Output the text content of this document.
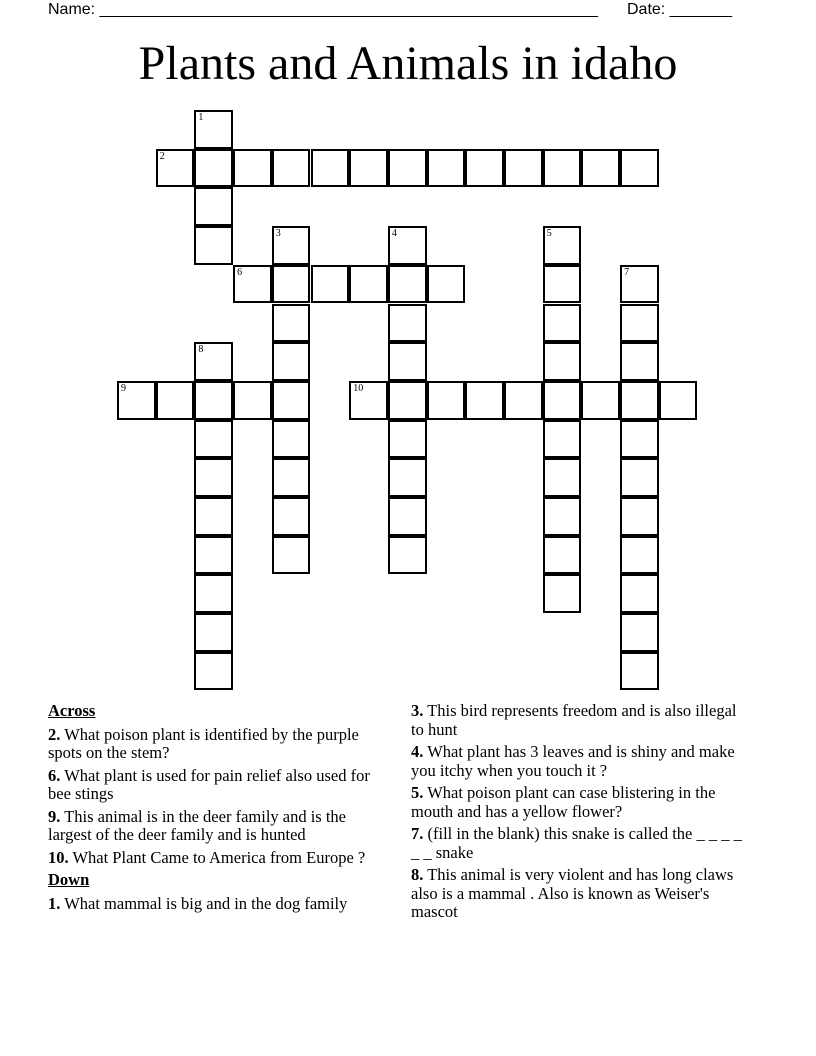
Name: ________________________________________________________ Date: _______
Plants and Animals in idaho
1
2
3	4	5
6	7
8
9	10
Across
2. What poison plant is identified by the purple spots on the stem?
6. What plant is used for pain relief also used for bee stings
9. This animal is in the deer family and is the largest of the deer family and is hunted
10. What Plant Came to America from Europe ?
Down
1. What mammal is big and in the dog family
3. This bird represents freedom and is also illegal to hunt
4. What plant has 3 leaves and is shiny and make you itchy when you touch it ?
5. What poison plant can case blistering in the mouth and has a yellow flower?
7. (fill in the blank) this snake is called the _ _ _ _ _ _ snake
8. This animal is very violent and has long claws also is a mammal . Also is known as Weiser's mascot
